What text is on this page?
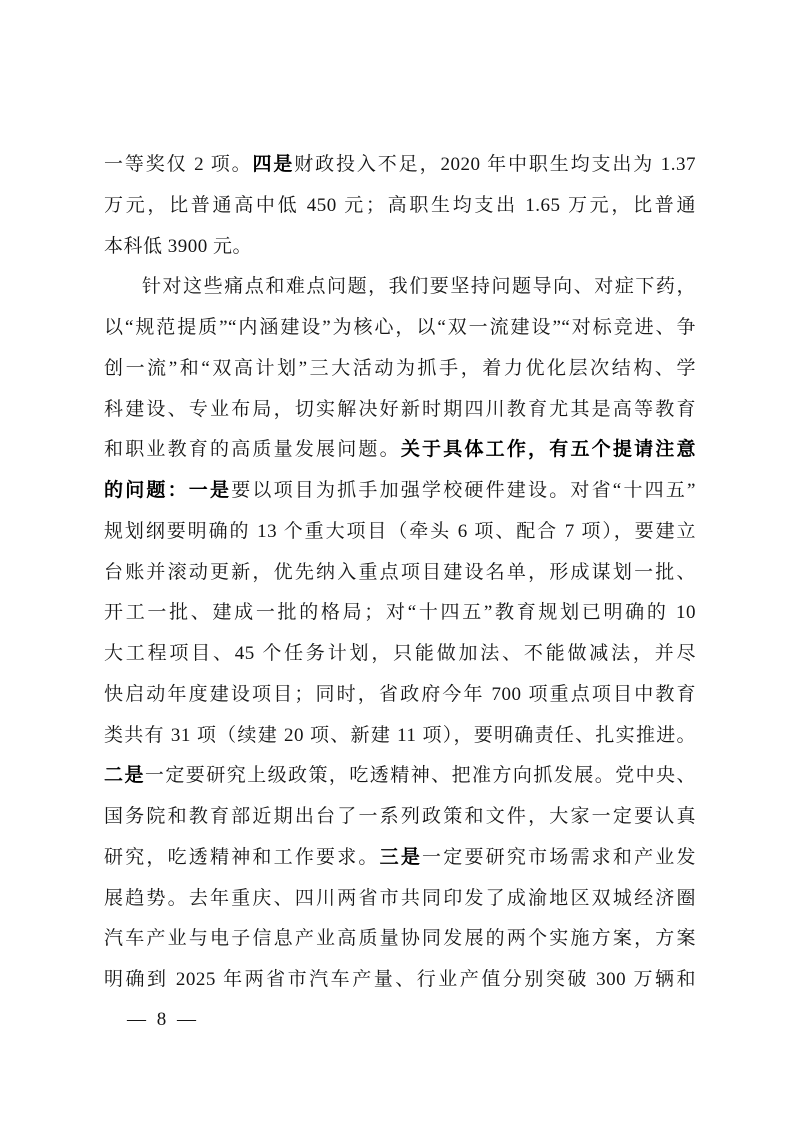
一等奖仅 2 项。四是财政投入不足，2020 年中职生均支出为 1.37
万元，比普通高中低 450 元；高职生均支出 1.65 万元，比普通
本科低 3900 元。
针对这些痛点和难点问题，我们要坚持问题导向、对症下药，
以“规范提质”“内涵建设”为核心，以“双一流建设”“对标竞进、争
创一流”和“双高计划”三大活动为抓手，着力优化层次结构、学
科建设、专业布局，切实解决好新时期四川教育尤其是高等教育
和职业教育的高质量发展问题。关于具体工作，有五个提请注意
的问题：一是要以项目为抓手加强学校硬件建设。对省“十四五”
规划纲要明确的 13 个重大项目（牵头 6 项、配合 7 项），要建立
台账并滚动更新，优先纳入重点项目建设名单，形成谋划一批、
开工一批、建成一批的格局；对“十四五”教育规划已明确的 10
大工程项目、45 个任务计划，只能做加法、不能做减法，并尽
快启动年度建设项目；同时，省政府今年 700 项重点项目中教育
类共有 31 项（续建 20 项、新建 11 项），要明确责任、扎实推进。
二是一定要研究上级政策，吃透精神、把准方向抓发展。党中央、
国务院和教育部近期出台了一系列政策和文件，大家一定要认真
研究，吃透精神和工作要求。三是一定要研究市场需求和产业发
展趋势。去年重庆、四川两省市共同印发了成渝地区双城经济圈
汽车产业与电子信息产业高质量协同发展的两个实施方案，方案
明确到 2025 年两省市汽车产量、行业产值分别突破 300 万辆和
— 8 —
